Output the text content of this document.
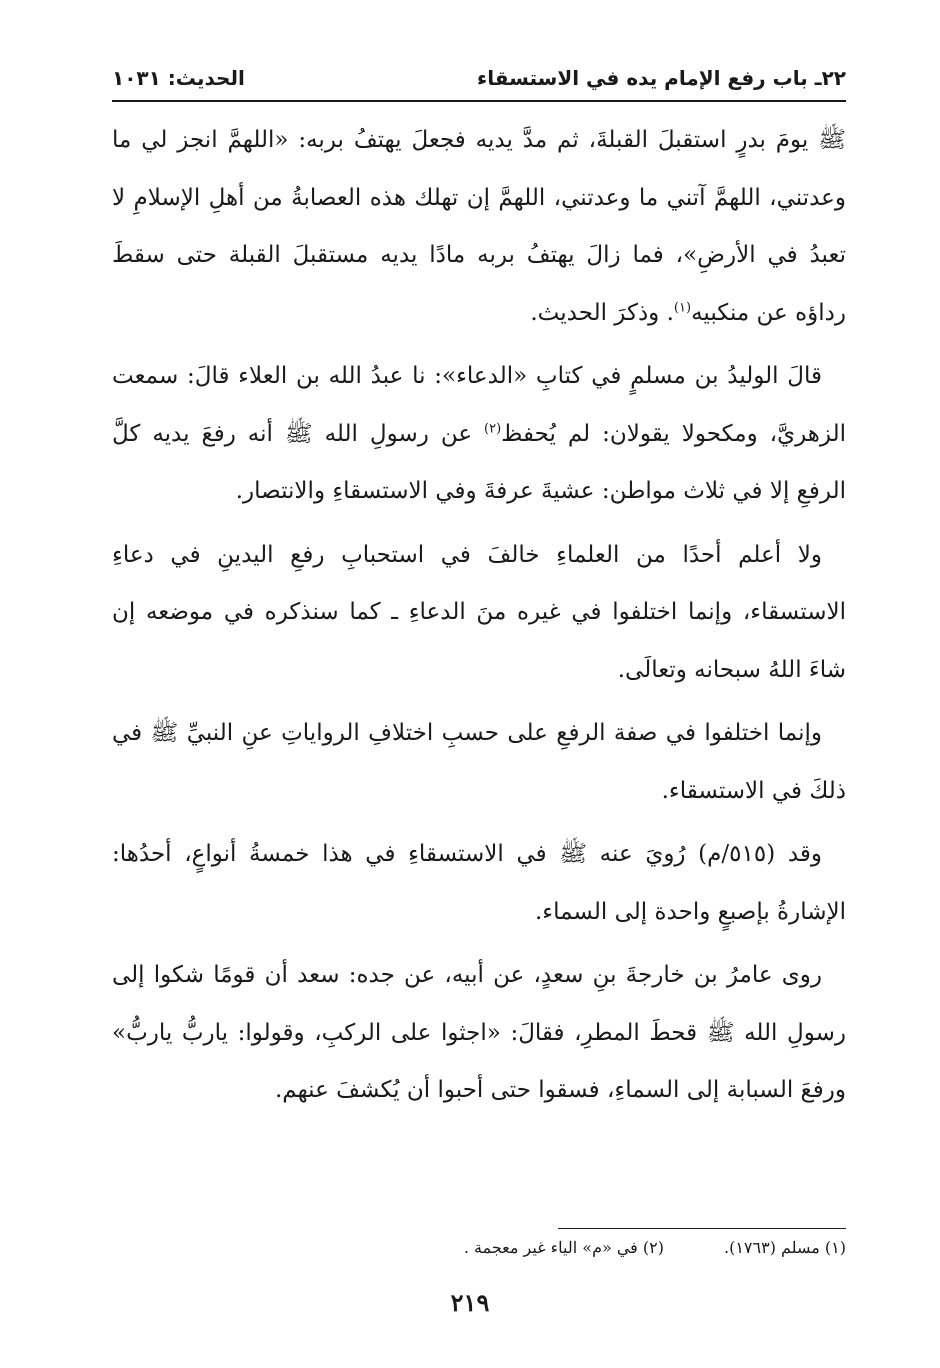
٢٢ـ باب رفع الإمام يده في الاستسقاء
الحديث: ١٠٣١

ﷺ يومَ بدرٍ استقبلَ القبلةَ، ثم مدَّ يديه فجعلَ يهتفُ بربه: «اللهمَّ انجز لي ما وعدتني، اللهمَّ آتني ما وعدتني، اللهمَّ إن تهلك هذه العصابةُ من أهلِ الإسلامِ لا تعبدُ في الأرضِ»، فما زالَ يهتفُ بربه مادًا يديه مستقبلَ القبلة حتى سقطَ رداؤه عن منكبيه$^{(١)}$. وذكرَ الحديث.

قالَ الوليدُ بن مسلمٍ في كتابِ «الدعاء»: نا عبدُ الله بن العلاء قالَ: سمعت الزهريَّ، ومكحولا يقولان: لم يُحفظ$^{(٢)}$ عن رسولِ الله ﷺ أنه رفعَ يديه كلَّ الرفعِ إلا في ثلاث مواطن: عشيةَ عرفةَ وفي الاستسقاءِ والانتصار.

ولا أعلم أحدًا من العلماءِ خالفَ في استحبابِ رفعِ اليدينِ في دعاءِ الاستسقاء، وإنما اختلفوا في غيره منَ الدعاءِ ـ كما سنذكره في موضعه إن شاءَ اللهُ سبحانه وتعالَى.

وإنما اختلفوا في صفة الرفعِ على حسبِ اختلافِ الرواياتِ عنِ النبيِّ ﷺ في ذلكَ في الاستسقاء.

وقد (٥١٥/م) رُويَ عنه ﷺ في الاستسقاءِ في هذا خمسةُ أنواعٍ، أحدُها: الإشارةُ بإصبعٍ واحدة إلى السماء.

روى عامرُ بن خارجةَ بنِ سعدٍ، عن أبيه، عن جده: سعد أن قومًا شكوا إلى رسولِ الله ﷺ قحطَ المطرِ، فقالَ: «اجثوا على الركبِ، وقولوا: ياربُّ ياربُّ» ورفعَ السبابة إلى السماءِ، فسقوا حتى أحبوا أن يُكشفَ عنهم.

(١) مسلم (١٧٦٣).
(٢) في «م» الياء غير معجمة .
٢١٩
